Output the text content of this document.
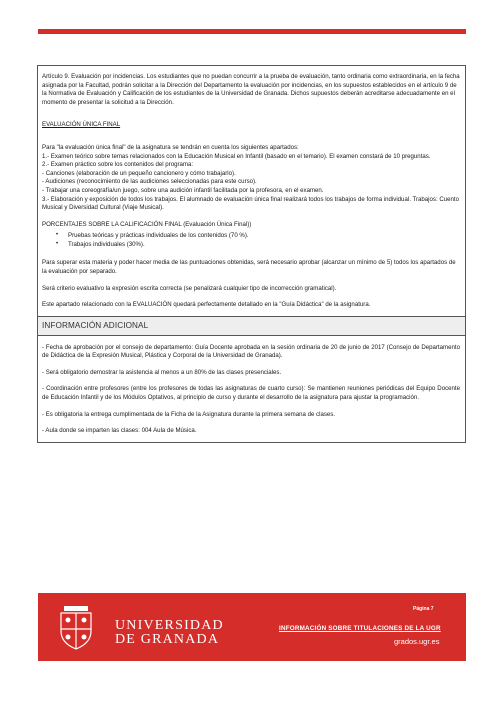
Artículo 9. Evaluación por incidencias. Los estudiantes que no puedan concurrir a la prueba de evaluación, tanto ordinaria como extraordinaria, en la fecha asignada por la Facultad, podrán solicitar a la Dirección del Departamento la evaluación por incidencias, en los supuestos establecidos en el artículo 9 de la Normativa de Evaluación y Calificación de los estudiantes de la Universidad de Granada. Dichos supuestos deberán acreditarse adecuadamente en el momento de presentar la solicitud a la Dirección.

EVALUACIÓN ÚNICA FINAL

Para "la evaluación única final" de la asignatura se tendrán en cuenta los siguientes apartados:

1.- Examen teórico sobre temas relacionados con la Educación Musical en Infantil (basado en el temario). El examen constará de 10 preguntas.

2.- Examen práctico sobre los contenidos del programa:

- Canciones (elaboración de un pequeño cancionero y cómo trabajarlo).

- Audiciones (reconocimiento de las audiciones seleccionadas para este curso).

- Trabajar una coreografía/un juego, sobre una audición infantil facilitada por la profesora, en el examen.

3.- Elaboración y exposición de todos los trabajos. El alumnado de evaluación única final realizará todos los trabajos de forma individual. Trabajos: Cuento Musical y Diversidad Cultural (Viaje Musical).

PORCENTAJES SOBRE LA CALIFICACIÓN FINAL (Evaluación Única Final))

• Pruebas teóricas y prácticas individuales de los contenidos (70 %).
• Trabajos individuales (30%).

Para superar esta materia y poder hacer media de las puntuaciones obtenidas, será necesario aprobar (alcanzar un mínimo de 5) todos los apartados de la evaluación por separado.

Será criterio evaluativo la expresión escrita correcta (se penalizará cualquier tipo de incorrección gramatical).

Este apartado relacionado con la EVALUACIÓN quedará perfectamente detallado en la "Guía Didáctica" de la asignatura.

INFORMACIÓN ADICIONAL

- Fecha de aprobación por el consejo de departamento: Guía Docente aprobada en la sesión ordinaria de 20 de junio de 2017 (Consejo de Departamento de Didáctica de la Expresión Musical, Plástica y Corporal de la Universidad de Granada).

- Será obligatorio demostrar la asistencia al menos a un 80% de las clases presenciales.

- Coordinación entre profesores (entre los profesores de todas las asignaturas de cuarto curso): Se mantienen reuniones periódicas del Equipo Docente de Educación Infantil y de los Módulos Optativos, al principio de curso y durante el desarrollo de la asignatura para ajustar la programación.

- Es obligatoria la entrega cumplimentada de la Ficha de la Asignatura durante la primera semana de clases.

- Aula donde se imparten las clases: 004 Aula de Música.

UNIVERSIDAD
DE GRANADA
Página 7
INFORMACIÓN SOBRE TITULACIONES DE LA UGR
grados.ugr.es
